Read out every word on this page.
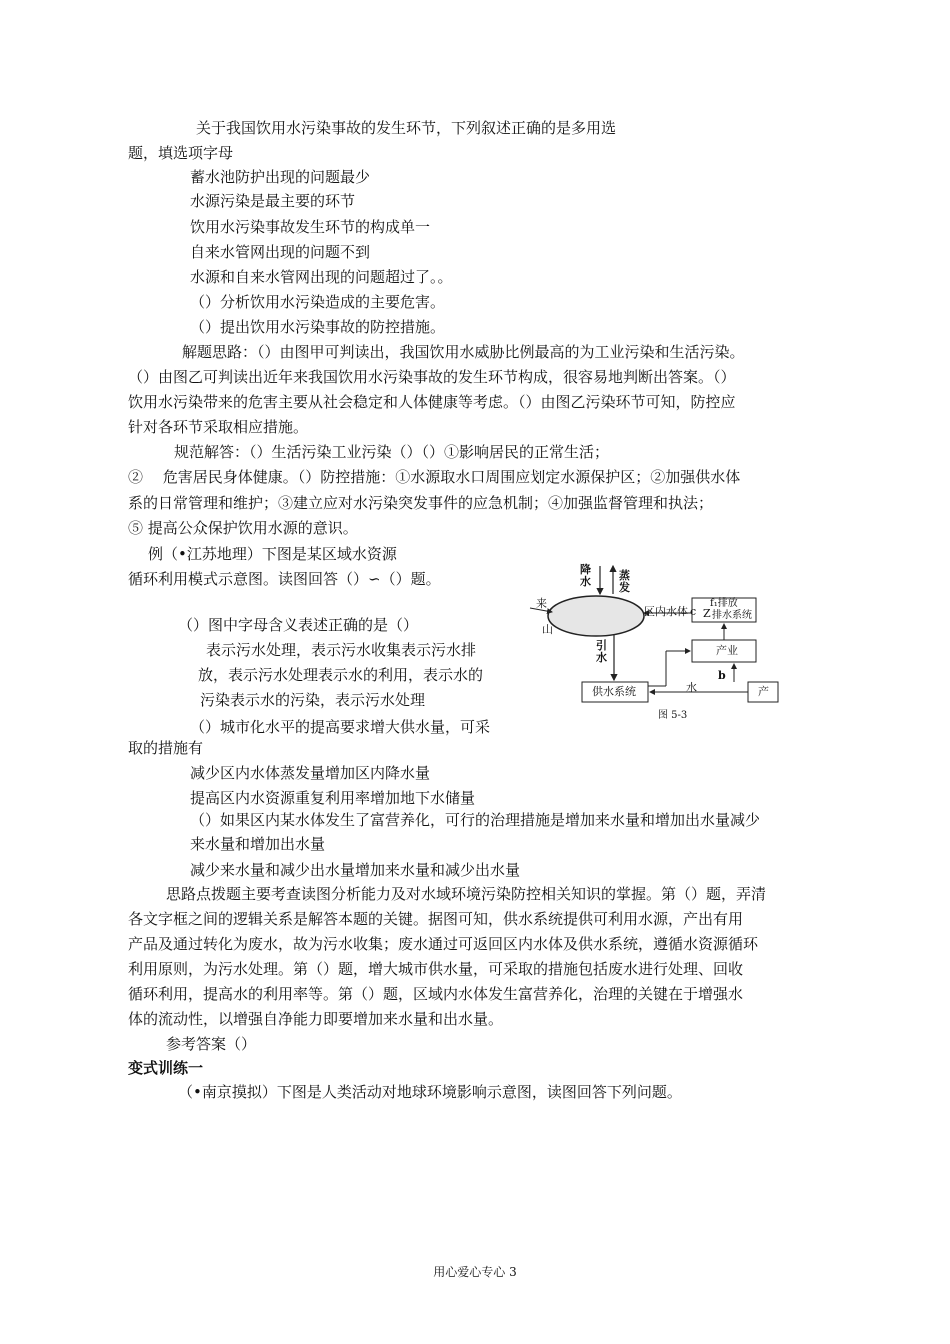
关于我国饮用水污染事故的发生环节，下列叙述正确的是多用选
题，填选项字母
蓄水池防护出现的问题最少
水源污染是最主要的环节
饮用水污染事故发生环节的构成单一
自来水管网出现的问题不到
水源和自来水管网出现的问题超过了。。
（）分析饮用水污染造成的主要危害。
（）提出饮用水污染事故的防控措施。
解题思路：（）由图甲可判读出，我国饮用水威胁比例最高的为工业污染和生活污染。
（）由图乙可判读出近年来我国饮用水污染事故的发生环节构成，很容易地判断出答案。（）
饮用水污染带来的危害主要从社会稳定和人体健康等考虑。（）由图乙污染环节可知，防控应
针对各环节采取相应措施。
规范解答：（）生活污染工业污染（）（）①影响居民的正常生活；
②　 危害居民身体健康。（）防控措施：①水源取水口周围应划定水源保护区；②加强供水体
系的日常管理和维护；③建立应对水污染突发事件的应急机制；④加强监督管理和执法；
⑤ 提高公众保护饮用水源的意识。
例（•江苏地理）下图是某区域水资源
循环利用模式示意图。读图回答（）∽（）题。
降水	蒸发
来
山
区内水体 c Z
f₁排放
排水系统
产业
引水
供水系统	水
b
产
图 5-3
（）图中字母含义表述正确的是（）
表示污水处理，表示污水收集表示污水排
放，表示污水处理表示水的利用，表示水的
污染表示水的污染，表示污水处理
（）城市化水平的提高要求增大供水量，可采
取的措施有
减少区内水体蒸发量增加区内降水量
提高区内水资源重复利用率增加地下水储量
（）如果区内某水体发生了富营养化，可行的治理措施是增加来水量和增加出水量减少
来水量和增加出水量
减少来水量和减少出水量增加来水量和减少出水量
思路点拨题主要考查读图分析能力及对水域环境污染防控相关知识的掌握。第（）题，弄清
各文字框之间的逻辑关系是解答本题的关键。据图可知，供水系统提供可利用水源，产出有用
产品及通过转化为废水，故为污水收集；废水通过可返回区内水体及供水系统，遵循水资源循环
利用原则，为污水处理。第（）题，增大城市供水量，可采取的措施包括废水进行处理、回收
循环利用，提高水的利用率等。第（）题，区域内水体发生富营养化，治理的关键在于增强水
体的流动性，以增强自净能力即要增加来水量和出水量。
参考答案（）
变式训练一
（•南京摸拟）下图是人类活动对地球环境影响示意图，读图回答下列问题。
用心爱心专心 3
